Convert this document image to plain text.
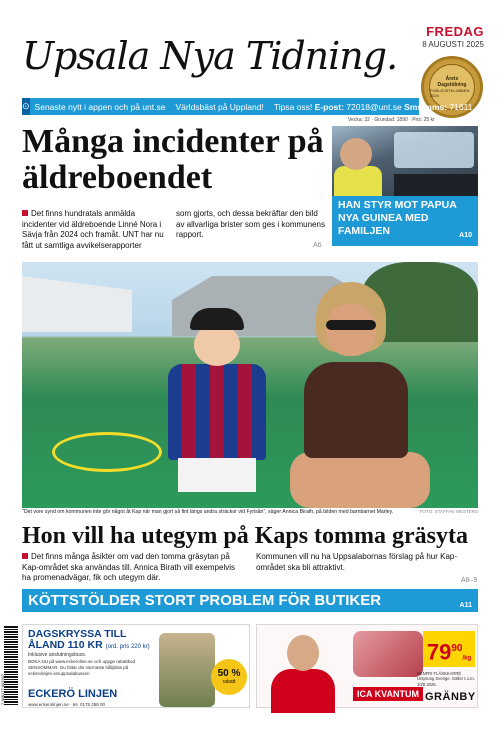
Upsala Nya Tidning.
FREDAG
8 AUGUSTI 2025
Årets
Dagstidning
PUBLICISTKLUBBEN 2024
⊙ Senaste nytt i appen och på unt.se	Världsbäst på Uppland!	Tipsa oss! E-post: 72018@unt.se Sms/mms: 71611
Vecka: 32 · Grundad: 1890 · Pris: 25 kr
Många incidenter på äldreboendet

Det finns hundratals anmälda incidenter vid äldreboende Linné Nora i Sävja från 2024 och framåt. UNT har nu fått ut samtliga avvikelserapporter

som gjorts, och dessa bekräftar den bild av allvarliga brister som ges i kommunens rapport.

A6
HAN STYR MOT PAPUA NYA GUINEA MED FAMILJEN	A10
"Det vore synd om kommunen inte gör något åt Kap när man gjort så fint längs andra sträckor vid Fyrisån", säger Annica Birath, på bilden med barnbarnet Marley.	FOTO: STAFFAN WESTERS
Hon vill ha utegym på Kaps tomma gräsyta

Det finns många åsikter om vad den tomma gräsytan på Kap-området ska användas till. Annica Birath vill exempelvis ha promenadvägar, fik och utegym där.

Kommunen vill nu ha Uppsalabornas förslag på hur Kap-området ska bli attraktivt.

A8–9
KÖTTSTÖLDER STORT PROBLEM FÖR BUTIKER	A11
7 388177 002507
DAGSKRYSSA TILL
ÅLAND 110 KR (ord. pris 220 kr)
Inklusive anslutningsbuss.
BOKA NU på www.eckeroline.se och uppge rabattkod SENSOMMAR. Du hittar din närmaste hållplats på eckerolinjen.se/uppsalabussen
ECKERÖ LINJEN
www.eckerolinjen.se · tel. 0175 258 00
50 %
rabatt
$79^{90}/kg$
BENFRI FLÄSKKARRÉ Ursprung Sverige. Gäller t.o.m. 10/8 2025.
ICA KVANTUM GRÄNBY
